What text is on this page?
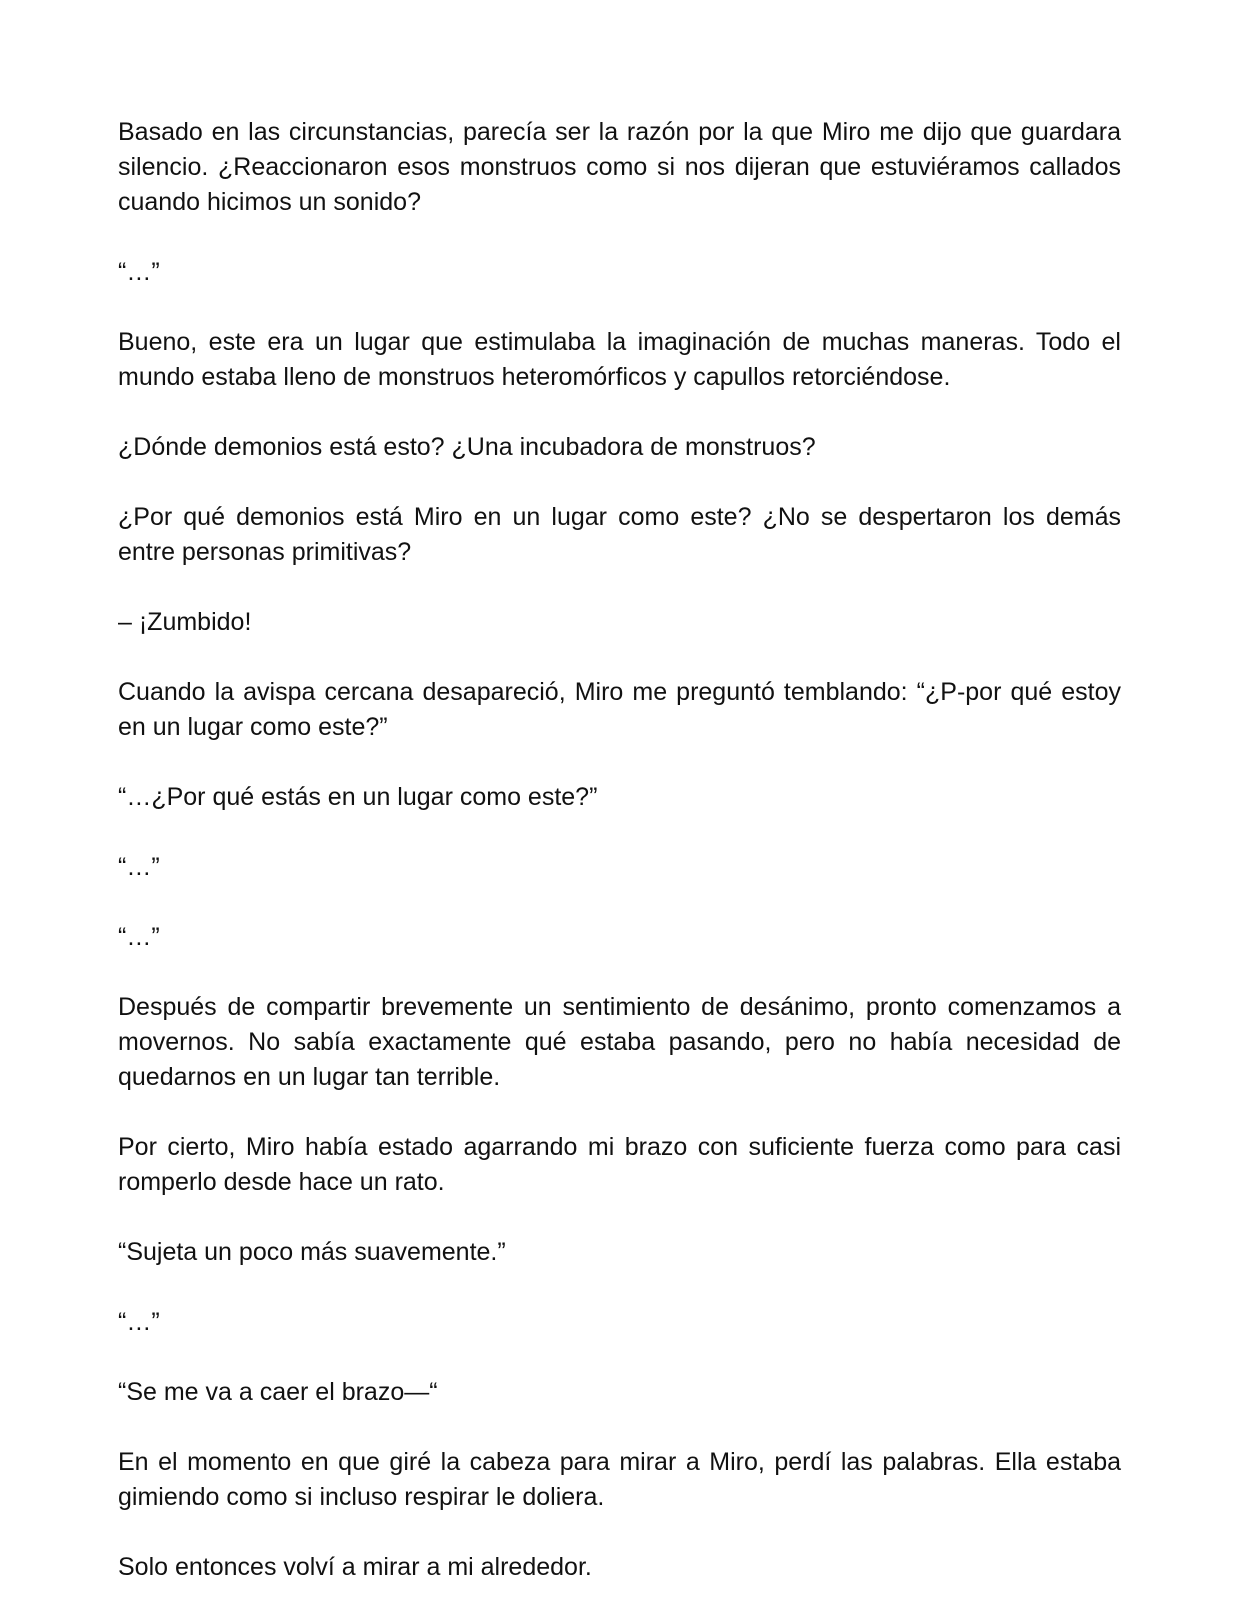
Basado en las circunstancias, parecía ser la razón por la que Miro me dijo que guardara silencio. ¿Reaccionaron esos monstruos como si nos dijeran que estuviéramos callados cuando hicimos un sonido?

“…”

Bueno, este era un lugar que estimulaba la imaginación de muchas maneras. Todo el mundo estaba lleno de monstruos heteromórficos y capullos retorciéndose.

¿Dónde demonios está esto? ¿Una incubadora de monstruos?

¿Por qué demonios está Miro en un lugar como este? ¿No se despertaron los demás entre personas primitivas?

– ¡Zumbido!

Cuando la avispa cercana desapareció, Miro me preguntó temblando: “¿P-por qué estoy en un lugar como este?”

“…¿Por qué estás en un lugar como este?”

“…”

“…”

Después de compartir brevemente un sentimiento de desánimo, pronto comenzamos a movernos. No sabía exactamente qué estaba pasando, pero no había necesidad de quedarnos en un lugar tan terrible.

Por cierto, Miro había estado agarrando mi brazo con suficiente fuerza como para casi romperlo desde hace un rato.

“Sujeta un poco más suavemente.”

“…”

“Se me va a caer el brazo—“

En el momento en que giré la cabeza para mirar a Miro, perdí las palabras. Ella estaba gimiendo como si incluso respirar le doliera.

Solo entonces volví a mirar a mi alrededor.
